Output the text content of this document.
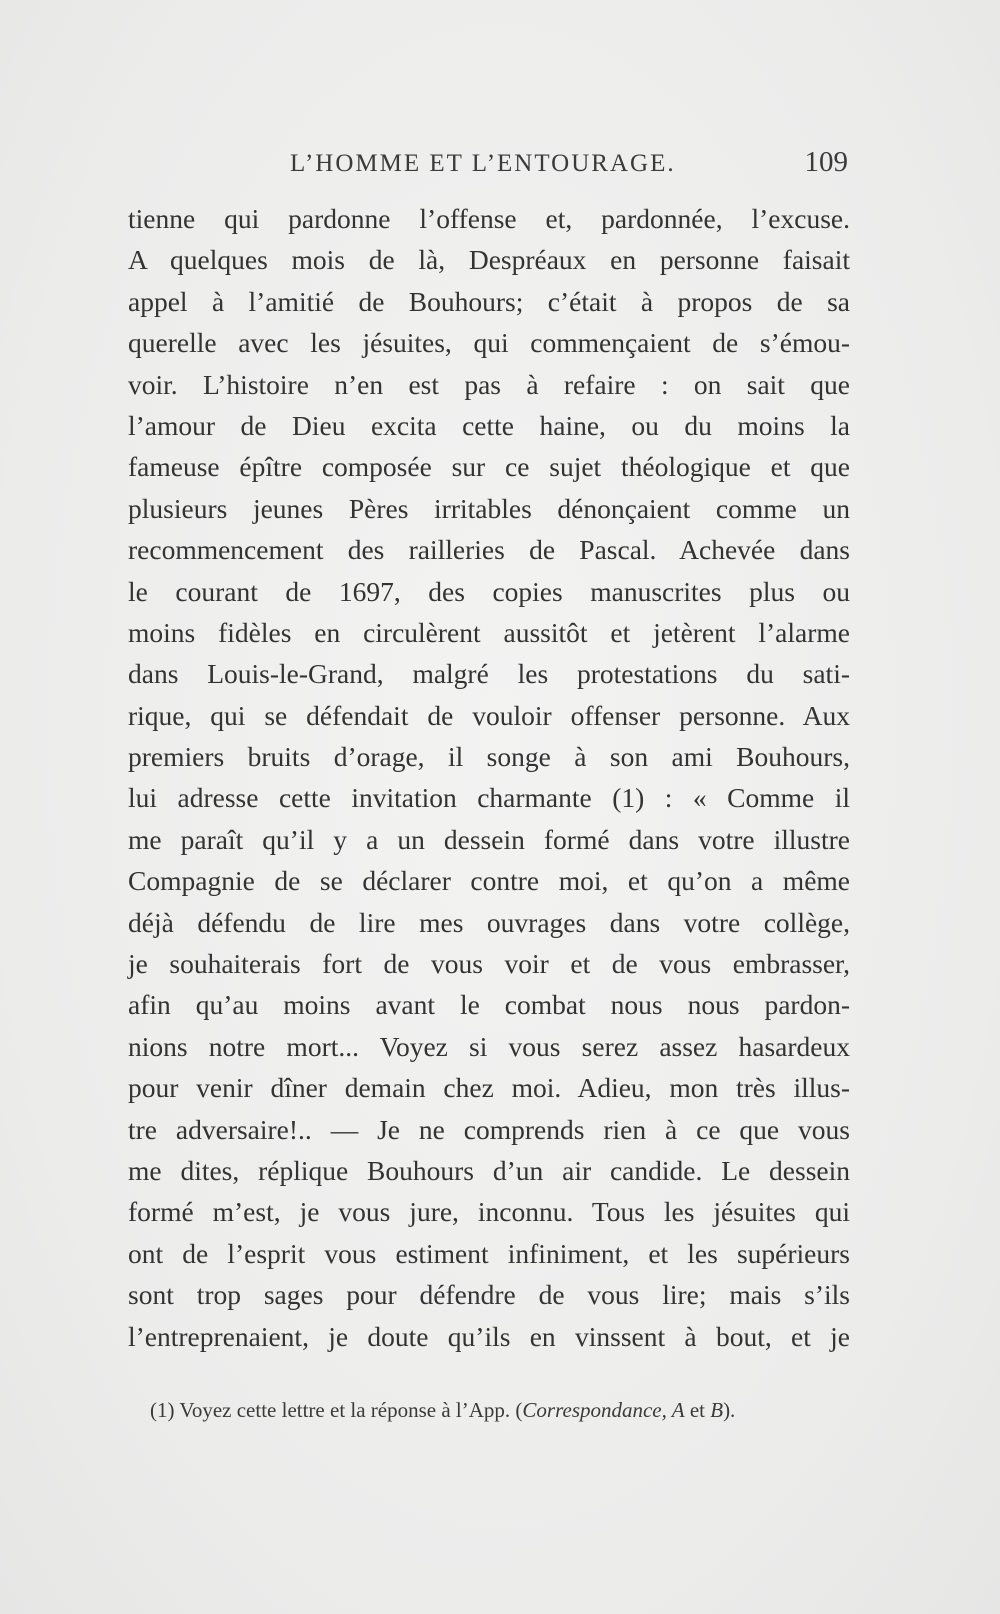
L’HOMME ET L’ENTOURAGE.	109
tienne qui pardonne l’offense et, pardonnée, l’excuse.
A quelques mois de là, Despréaux en personne faisait
appel à l’amitié de Bouhours; c’était à propos de sa
querelle avec les jésuites, qui commençaient de s’émou-
voir. L’histoire n’en est pas à refaire : on sait que
l’amour de Dieu excita cette haine, ou du moins la
fameuse épître composée sur ce sujet théologique et que
plusieurs jeunes Pères irritables dénonçaient comme un
recommencement des railleries de Pascal. Achevée dans
le courant de 1697, des copies manuscrites plus ou
moins fidèles en circulèrent aussitôt et jetèrent l’alarme
dans Louis-le-Grand, malgré les protestations du sati-
rique, qui se défendait de vouloir offenser personne. Aux
premiers bruits d’orage, il songe à son ami Bouhours,
lui adresse cette invitation charmante (1) : « Comme il
me paraît qu’il y a un dessein formé dans votre illustre
Compagnie de se déclarer contre moi, et qu’on a même
déjà défendu de lire mes ouvrages dans votre collège,
je souhaiterais fort de vous voir et de vous embrasser,
afin qu’au moins avant le combat nous nous pardon-
nions notre mort... Voyez si vous serez assez hasardeux
pour venir dîner demain chez moi. Adieu, mon très illus-
tre adversaire!.. — Je ne comprends rien à ce que vous
me dites, réplique Bouhours d’un air candide. Le dessein
formé m’est, je vous jure, inconnu. Tous les jésuites qui
ont de l’esprit vous estiment infiniment, et les supérieurs
sont trop sages pour défendre de vous lire; mais s’ils
l’entreprenaient, je doute qu’ils en vinssent à bout, et je
(1) Voyez cette lettre et la réponse à l’App. (Correspondance, A et B).
